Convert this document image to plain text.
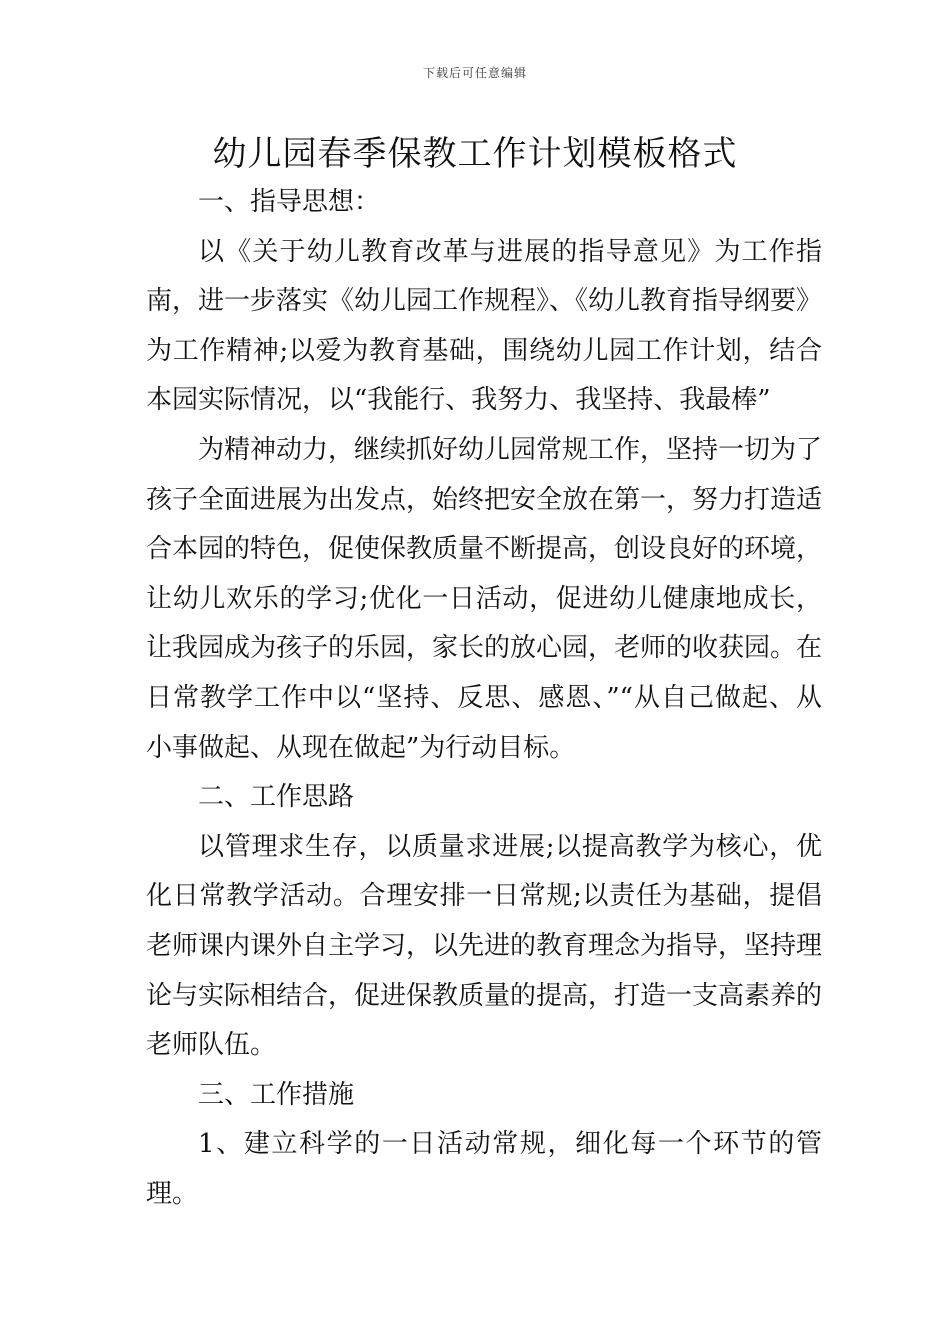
下载后可任意编辑
幼儿园春季保教工作计划模板格式

一、指导思想：

以《关于幼儿教育改革与进展的指导意见》为工作指南，进一步落实《幼儿园工作规程》、《幼儿教育指导纲要》为工作精神;以爱为教育基础，围绕幼儿园工作计划，结合本园实际情况，以“我能行、我努力、我坚持、我最棒”

为精神动力，继续抓好幼儿园常规工作，坚持一切为了孩子全面进展为出发点，始终把安全放在第一，努力打造适合本园的特色，促使保教质量不断提高，创设良好的环境，让幼儿欢乐的学习;优化一日活动，促进幼儿健康地成长，让我园成为孩子的乐园，家长的放心园，老师的收获园。在日常教学工作中以“坚持、反思、感恩、”“从自己做起、从小事做起、从现在做起”为行动目标。

二、工作思路

以管理求生存，以质量求进展;以提高教学为核心，优化日常教学活动。合理安排一日常规;以责任为基础，提倡老师课内课外自主学习，以先进的教育理念为指导，坚持理论与实际相结合，促进保教质量的提高，打造一支高素养的老师队伍。

三、工作措施

1、建立科学的一日活动常规，细化每一个环节的管理。
